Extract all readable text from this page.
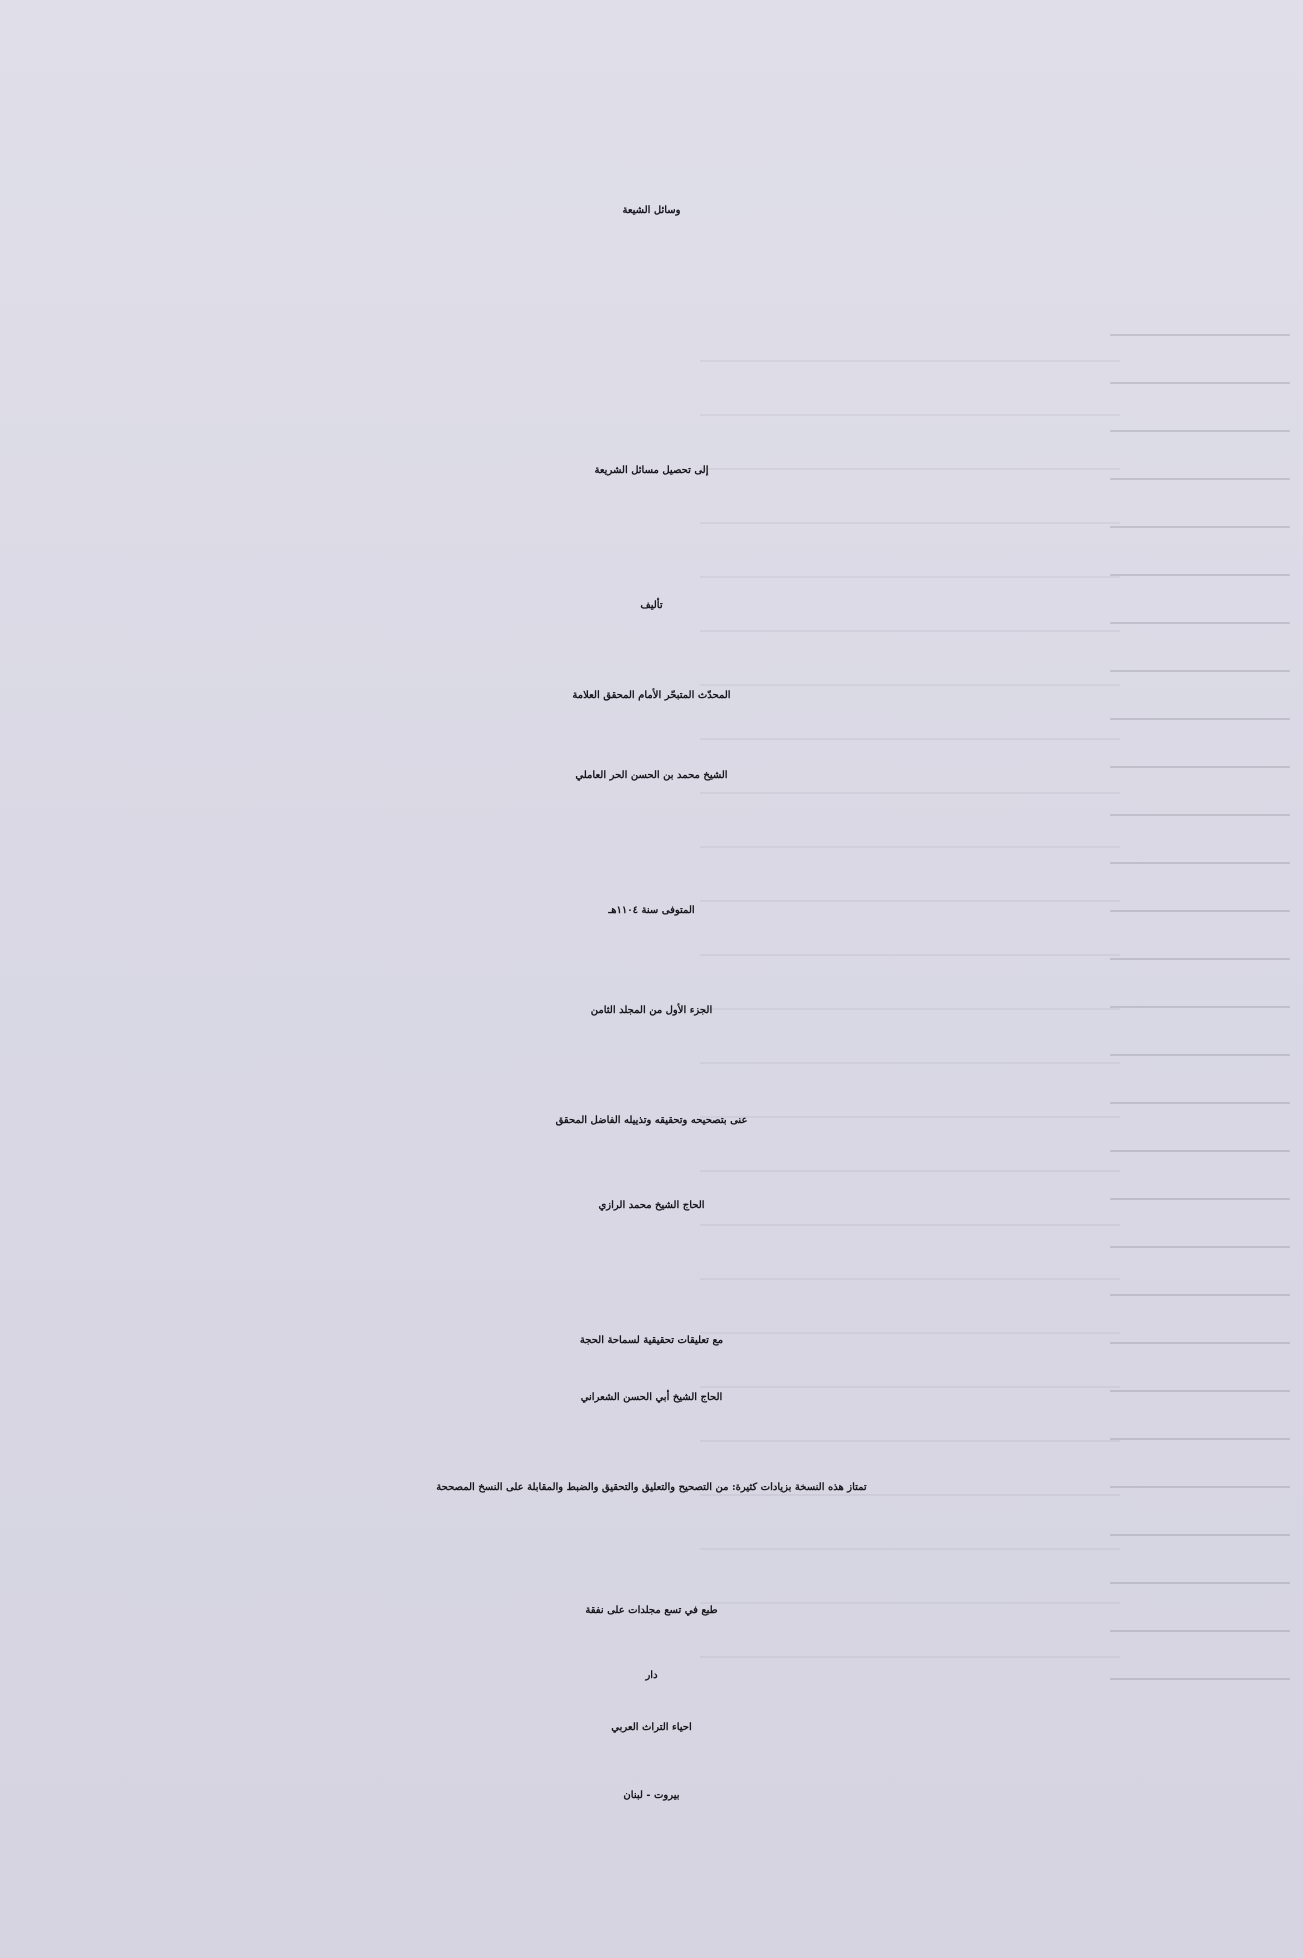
وسائل الشيعة
إلى تحصيل مسائل الشريعة
تأليف
المحدّث المتبحّر الأمام المحقق العلامة
الشيخ محمد بن الحسن الحر العاملي
المتوفى سنة ١١٠٤هـ
الجزء الأول من المجلد الثامن
عنى بتصحيحه وتحقيقه وتذييله الفاضل المحقق
الحاج الشيخ محمد الرازي
مع تعليقات تحقيقية لسماحة الحجة
الحاج الشيخ أبي الحسن الشعراني
تمتاز هذه النسخة بزيادات كثيرة: من التصحيح والتعليق والتحقيق والضبط والمقابلة على النسخ المصححة
طبع في تسع مجلدات على نفقة
دار
احياء التراث العربي
بيروت - لبنان
